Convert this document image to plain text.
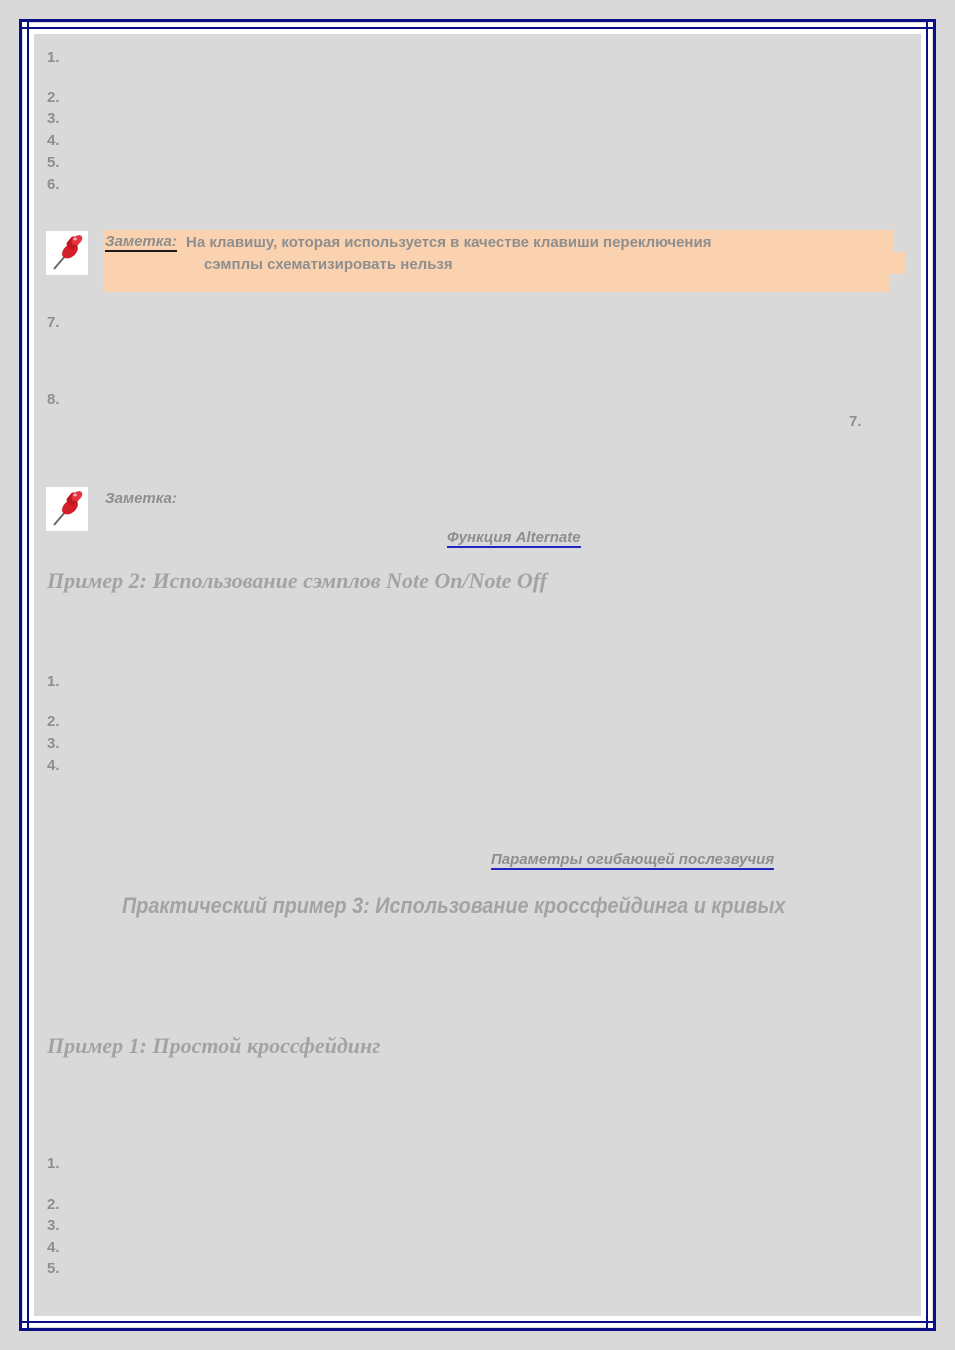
1.
2.
3.
4.
5.
6.
Заметка: На клавишу, которая используется в качестве клавиши переключения
сэмплы схематизировать нельзя
7.
8.
7.
Заметка:
Функция Alternate
Пример 2: Использование сэмплов Note On/Note Off
1.
2.
3.
4.
Параметры огибающей послезвучия
Практический пример 3: Использование кроссфейдинга и кривых
Пример 1: Простой кроссфейдинг
1.
2.
3.
4.
5.
